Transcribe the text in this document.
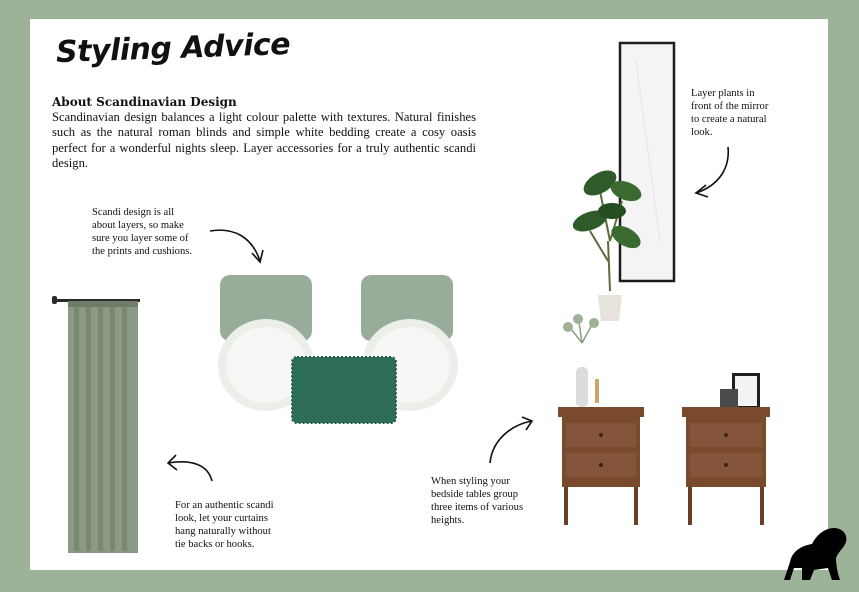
Styling Advice
About Scandinavian Design
Scandinavian design balances a light colour palette with textures. Natural finishes such as the natural roman blinds and simple white bedding create a cosy oasis perfect for a wonderful nights sleep. Layer accessories for a truly authentic scandi design.
Scandi design is all
about layers, so make
sure you layer some of
the prints and cushions.
Layer plants in
front of the mirror
to create a natural
look.
For an authentic scandi
look, let your curtains
hang naturally without
tie backs or hooks.
When styling your
bedside tables group
three items of various
heights.
